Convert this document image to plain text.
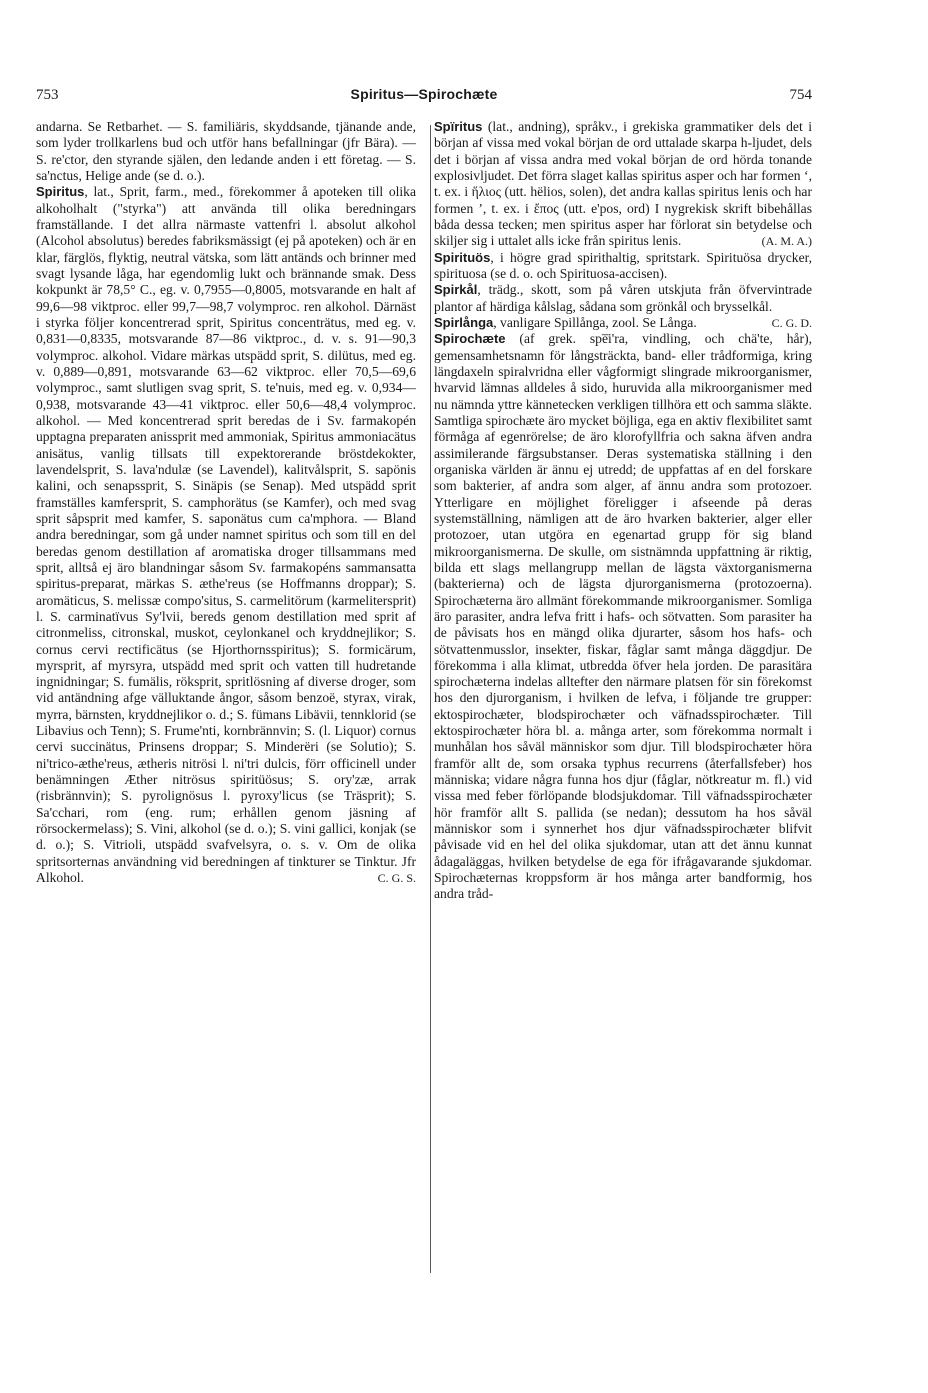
753	Spiritus—Spirochæte	754

andarna. Se Retbarhet. — S. familiäris, skyddsande, tjänande ande, som lyder trollkarlens bud och utför hans befallningar (jfr Bära). — S. re'ctor, den styrande själen, den ledande anden i ett företag. — S. sa'nctus, Helige ande (se d. o.).

Spiritus, lat., Sprit, farm., med., förekommer å apoteken till olika alkoholhalt ("styrka") att använda till olika beredningars framställande. I det allra närmaste vattenfri l. absolut alkohol (Alcohol absolutus) beredes fabriksmässigt (ej på apoteken) och är en klar, färglös, flyktig, neutral vätska, som lätt antänds och brinner med svagt lysande låga, har egendomlig lukt och brännande smak. Dess kokpunkt är 78,5° C., eg. v. 0,7955—0,8005, motsvarande en halt af 99,6—98 viktproc. eller 99,7—98,7 volymproc. ren alkohol. Därnäst i styrka följer koncentrerad sprit, Spiritus concenträtus, med eg. v. 0,831—0,8335, motsvarande 87—86 viktproc., d. v. s. 91—90,3 volymproc. alkohol. Vidare märkas utspädd sprit, S. dilütus, med eg. v. 0,889—0,891, motsvarande 63—62 viktproc. eller 70,5—69,6 volymproc., samt slutligen svag sprit, S. te'nuis, med eg. v. 0,934—0,938, motsvarande 43—41 viktproc. eller 50,6—48,4 volymproc. alkohol. — Med koncentrerad sprit beredas de i Sv. farmakopén upptagna preparaten anissprit med ammoniak, Spiritus ammoniacätus anisätus, vanlig tillsats till expektorerande bröstdekokter, lavendelsprit, S. lava'ndulæ (se Lavendel), kalitvålsprit, S. sapönis kalini, och senapssprit, S. Sinäpis (se Senap). Med utspädd sprit framställes kamfersprit, S. camphorätus (se Kamfer), och med svag sprit såpsprit med kamfer, S. saponätus cum ca'mphora. — Bland andra beredningar, som gå under namnet spiritus och som till en del beredas genom destillation af aromatiska droger tillsammans med sprit, alltså ej äro blandningar såsom Sv. farmakopéns sammansatta spiritus-preparat, märkas S. æthe'reus (se Hoffmanns droppar); S. aromäticus, S. melissæ compo'situs, S. carmelitörum (karmelitersprit) l. S. carminatïvus Sy'lvii, bereds genom destillation med sprit af citronmeliss, citronskal, muskot, ceylonkanel och kryddnejlikor; S. cornus cervi rectificätus (se Hjorthornsspiritus); S. formicärum, myrsprit, af myrsyra, utspädd med sprit och vatten till hudretande ingnidningar; S. fumälis, röksprit, spritlösning af diverse droger, som vid antändning afge välluktande ångor, såsom benzoë, styrax, virak, myrra, bärnsten, kryddnejlikor o. d.; S. fümans Libävii, tennklorid (se Libavius och Tenn); S. Frume'nti, kornbrännvin; S. (l. Liquor) cornus cervi succinätus, Prinsens droppar; S. Minderëri (se Solutio); S. ni'trico-æthe'reus, ætheris nitrösi l. ni'tri dulcis, förr officinell under benämningen Æther nitrösus spiritüösus; S. ory'zæ, arrak (risbrännvin); S. pyrolignösus l. pyroxy'licus (se Träsprit); S. Sa'cchari, rom (eng. rum; erhållen genom jäsning af rörsockermelass); S. Vini, alkohol (se d. o.); S. vini gallici, konjak (se d. o.); S. Vitrioli, utspädd svafvelsyra, o. s. v. Om de olika spritsorternas användning vid beredningen af tinkturer se Tinktur. Jfr Alkohol.	C. G. S.

Spïritus (lat., andning), språkv., i grekiska grammatiker dels det i början af vissa med vokal början de ord uttalade skarpa h-ljudet, dels det i början af vissa andra med vokal början de ord hörda tonande explosivljudet. Det förra slaget kallas spiritus asper och har formen ‘, t. ex. i ἥλιος (utt. hëlios, solen), det andra kallas spiritus lenis och har formen ’, t. ex. i ἔπος (utt. e'pos, ord) I nygrekisk skrift bibehållas båda dessa tecken; men spiritus asper har förlorat sin betydelse och skiljer sig i uttalet alls icke från spiritus lenis.	(A. M. A.)

Spirituös, i högre grad spirithaltig, spritstark. Spirituösa drycker, spirituosa (se d. o. och Spirituosa-accisen).

Spirkål, trädg., skott, som på våren utskjuta från öfvervintrade plantor af härdiga kålslag, sådana som grönkål och brysselkål.
C. G. D.

Spirlånga, vanligare Spillånga, zool. Se Långa.

Spirochæte (af grek. spe̅i'ra, vindling, och chä'te, hår), gemensamhetsnamn för långsträckta, band- eller trådformiga, kring längdaxeln spiralvridna eller vågformigt slingrade mikroorganismer, hvarvid lämnas alldeles å sido, huruvida alla mikroorganismer med nu nämnda yttre kännetecken verkligen tillhöra ett och samma släkte. Samtliga spirochæte äro mycket böjliga, ega en aktiv flexibilitet samt förmåga af egenrörelse; de äro klorofyllfria och sakna äfven andra assimilerande färgsubstanser. Deras systematiska ställning i den organiska världen är ännu ej utredd; de uppfattas af en del forskare som bakterier, af andra som alger, af ännu andra som protozoer. Ytterligare en möjlighet föreligger i afseende på deras systemställning, nämligen att de äro hvarken bakterier, alger eller protozoer, utan utgöra en egenartad grupp för sig bland mikroorganismerna. De skulle, om sistnämnda uppfattning är riktig, bilda ett slags mellangrupp mellan de lägsta växtorganismerna (bakterierna) och de lägsta djurorganismerna (protozoerna). Spirochæterna äro allmänt förekommande mikroorganismer. Somliga äro parasiter, andra lefva fritt i hafs- och sötvatten. Som parasiter ha de påvisats hos en mängd olika djurarter, såsom hos hafs- och sötvattenmusslor, insekter, fiskar, fåglar samt många däggdjur. De förekomma i alla klimat, utbredda öfver hela jorden. De parasitära spirochæterna indelas alltefter den närmare platsen för sin förekomst hos den djurorganism, i hvilken de lefva, i följande tre grupper: ektospirochæter, blodspirochæter och väfnadsspirochæter. Till ektospirochæter höra bl. a. många arter, som förekomma normalt i munhålan hos såväl människor som djur. Till blodspirochæter höra framför allt de, som orsaka typhus recurrens (återfallsfeber) hos människa; vidare några funna hos djur (fåglar, nötkreatur m. fl.) vid vissa med feber förlöpande blodsjukdomar. Till väfnadsspirochæter hör framför allt S. pallida (se nedan); dessutom ha hos såväl människor som i synnerhet hos djur väfnadsspirochæter blifvit påvisade vid en hel del olika sjukdomar, utan att det ännu kunnat ådagaläggas, hvilken betydelse de ega för ifrågavarande sjukdomar. Spirochæternas kroppsform är hos många arter bandformig, hos andra tråd-
